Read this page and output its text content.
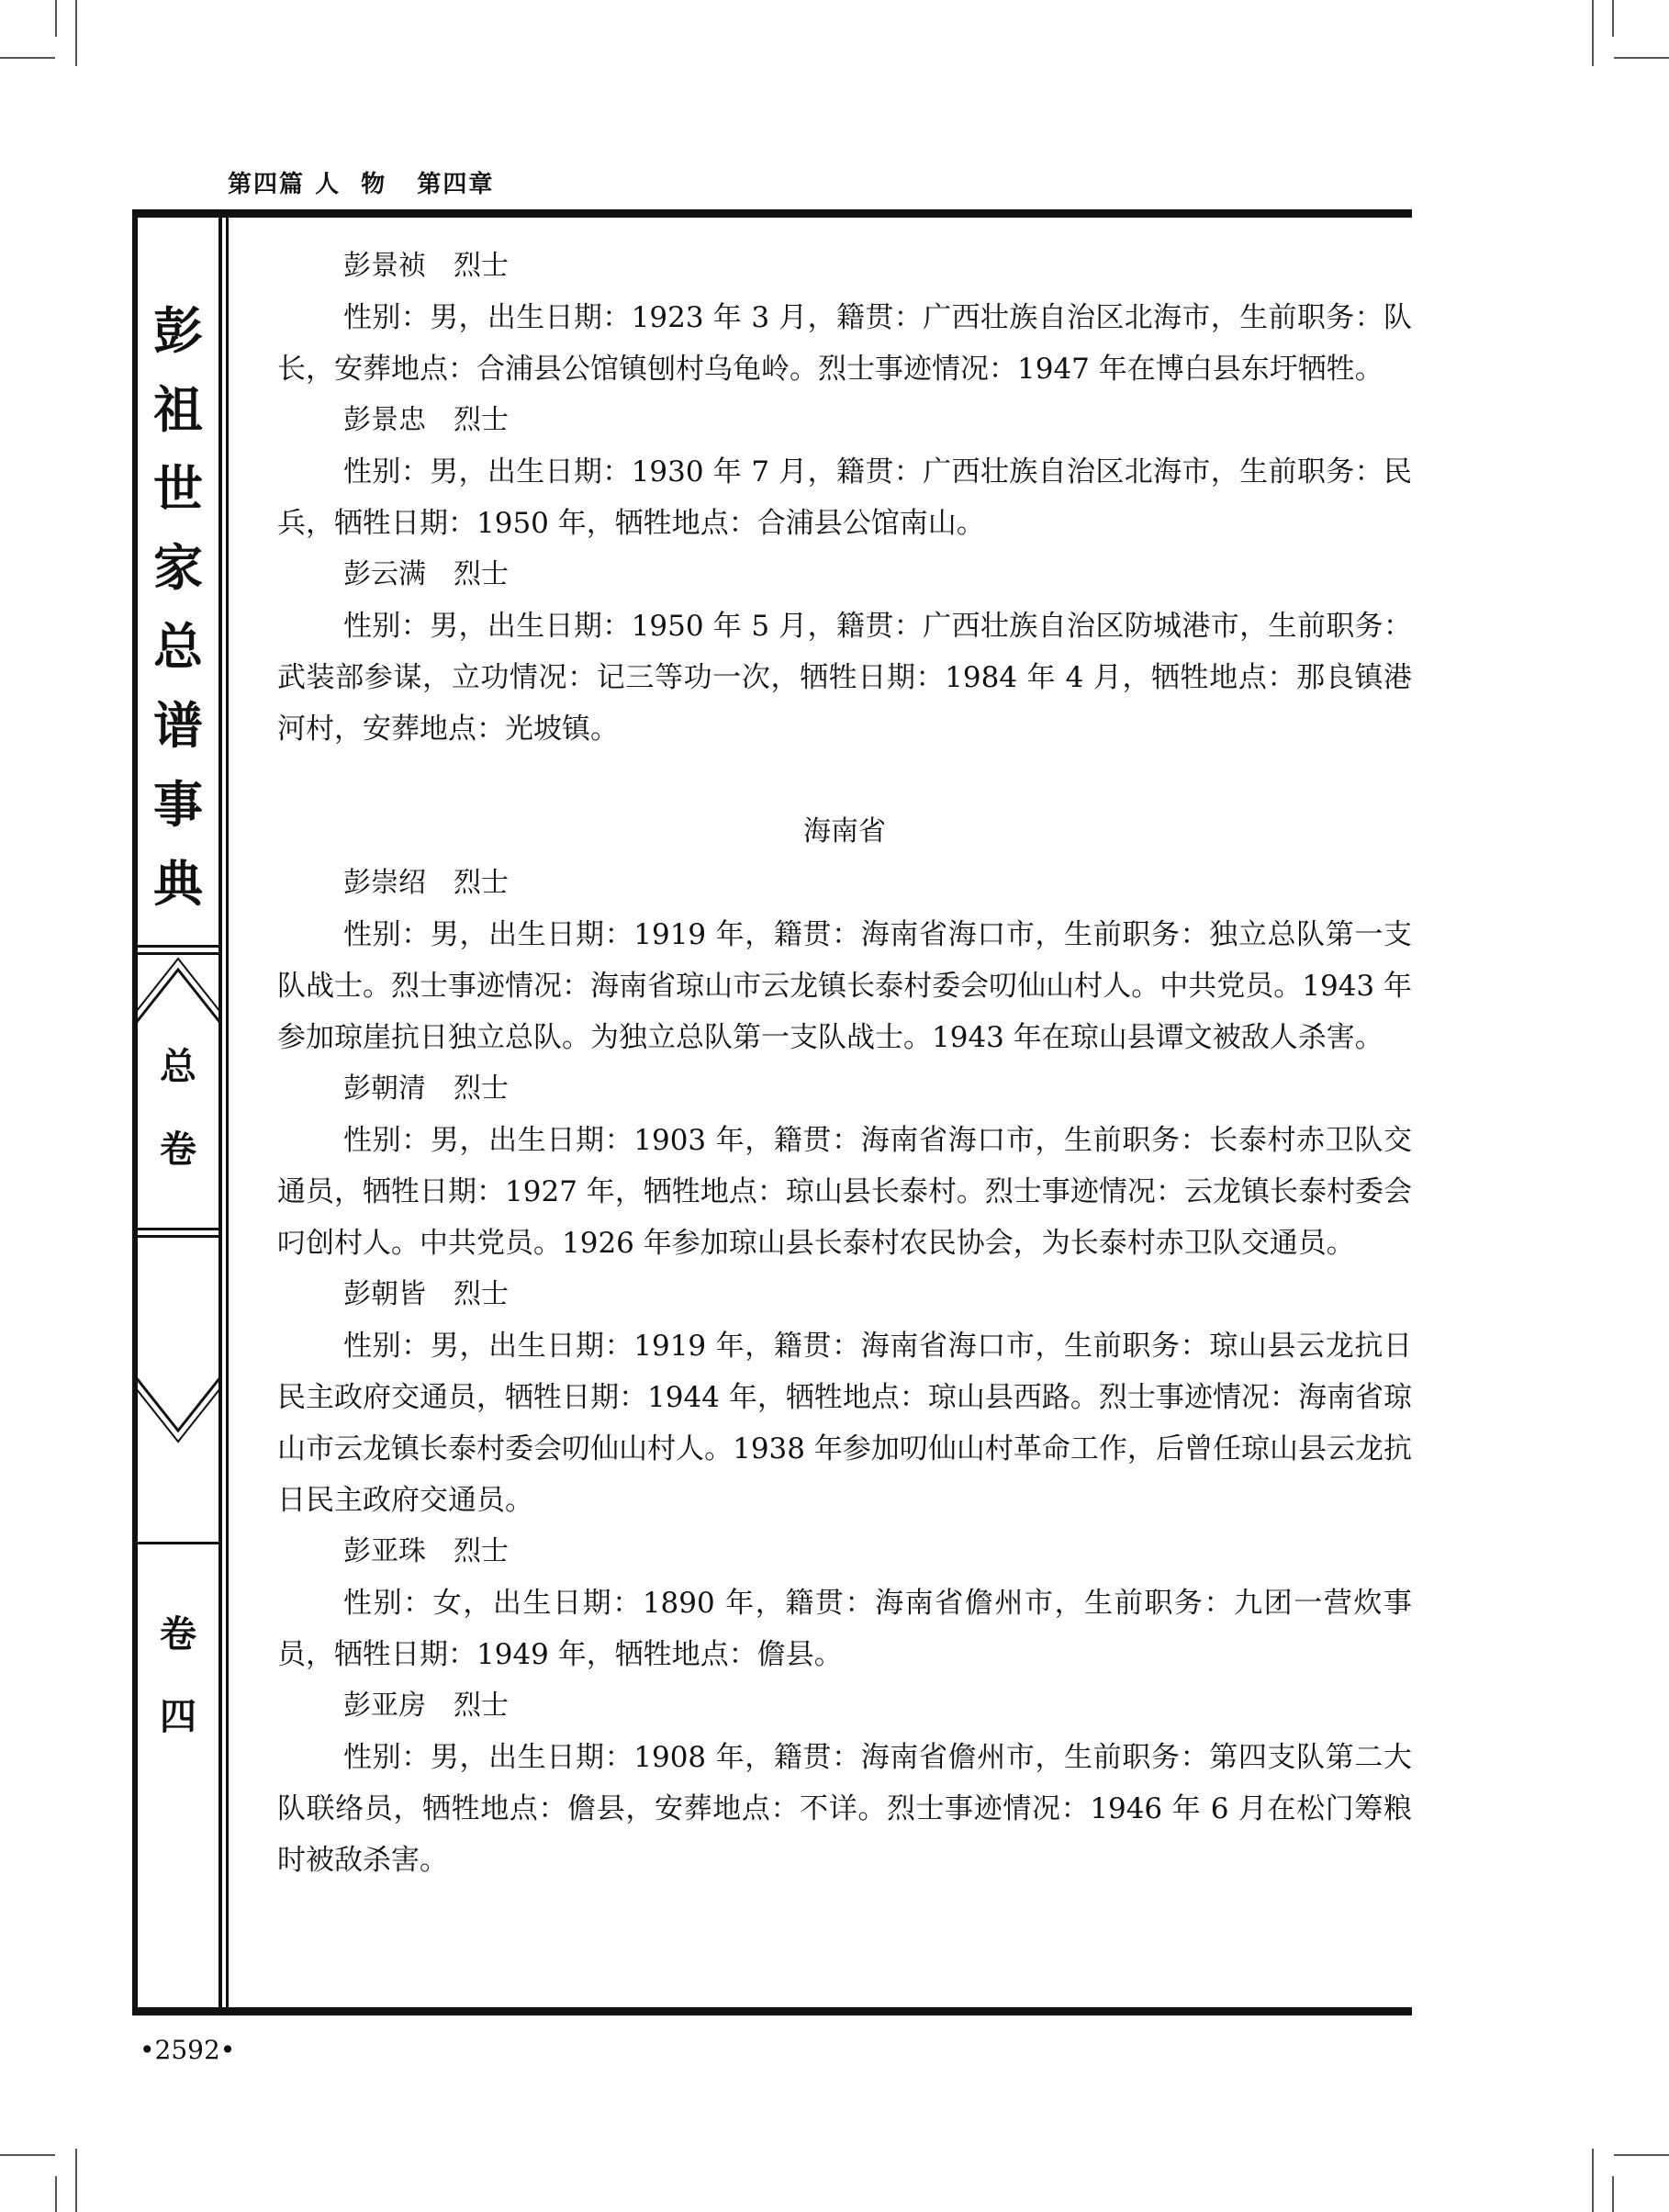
第四篇 人  物 第四章
彭
祖
世
家
总
谱
事
典
总
卷
卷
四
彭景祯 烈士
性别：男，出生日期：1923 年 3 月，籍贯：广西壮族自治区北海市，生前职务：队长，安葬地点：合浦县公馆镇刨村乌龟岭。烈士事迹情况：1947 年在博白县东圩牺牲。
彭景忠 烈士
性别：男，出生日期：1930 年 7 月，籍贯：广西壮族自治区北海市，生前职务：民兵，牺牲日期：1950 年，牺牲地点：合浦县公馆南山。
彭云满 烈士
性别：男，出生日期：1950 年 5 月，籍贯：广西壮族自治区防城港市，生前职务：武装部参谋，立功情况：记三等功一次，牺牲日期：1984 年 4 月，牺牲地点：那良镇港河村，安葬地点：光坡镇。
海南省
彭崇绍 烈士
性别：男，出生日期：1919 年，籍贯：海南省海口市，生前职务：独立总队第一支队战士。烈士事迹情况：海南省琼山市云龙镇长泰村委会叨仙山村人。中共党员。1943 年参加琼崖抗日独立总队。为独立总队第一支队战士。1943 年在琼山县谭文被敌人杀害。
彭朝清 烈士
性别：男，出生日期：1903 年，籍贯：海南省海口市，生前职务：长泰村赤卫队交通员，牺牲日期：1927 年，牺牲地点：琼山县长泰村。烈士事迹情况：云龙镇长泰村委会叼创村人。中共党员。1926 年参加琼山县长泰村农民协会，为长泰村赤卫队交通员。
彭朝皆 烈士
性别：男，出生日期：1919 年，籍贯：海南省海口市，生前职务：琼山县云龙抗日民主政府交通员，牺牲日期：1944 年，牺牲地点：琼山县西路。烈士事迹情况：海南省琼山市云龙镇长泰村委会叨仙山村人。1938 年参加叨仙山村革命工作，后曾任琼山县云龙抗日民主政府交通员。
彭亚珠 烈士
性别：女，出生日期：1890 年，籍贯：海南省儋州市，生前职务：九团一营炊事员，牺牲日期：1949 年，牺牲地点：儋县。
彭亚房 烈士
性别：男，出生日期：1908 年，籍贯：海南省儋州市，生前职务：第四支队第二大队联络员，牺牲地点：儋县，安葬地点：不详。烈士事迹情况：1946 年 6 月在松门筹粮时被敌杀害。
•2592•
